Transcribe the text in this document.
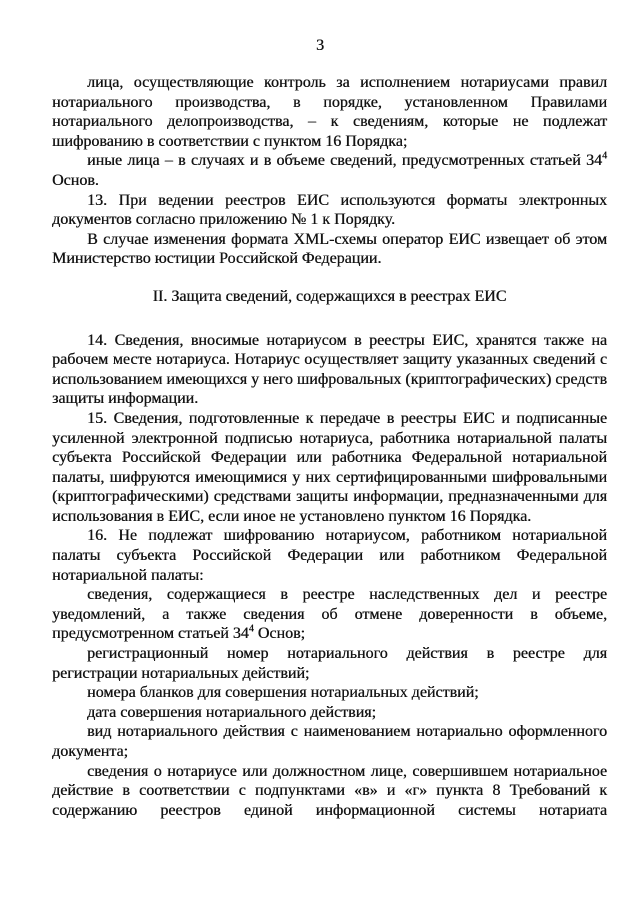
3

лица, осуществляющие контроль за исполнением нотариусами правил нотариального производства, в порядке, установленном Правилами нотариального делопроизводства, – к сведениям, которые не подлежат шифрованию в соответствии с пунктом 16 Порядка;

иные лица – в случаях и в объеме сведений, предусмотренных статьей $34^4$ Основ.

13. При ведении реестров ЕИС используются форматы электронных документов согласно приложению № 1 к Порядку.

В случае изменения формата XML-схемы оператор ЕИС извещает об этом Министерство юстиции Российской Федерации.

II. Защита сведений, содержащихся в реестрах ЕИС

14. Сведения, вносимые нотариусом в реестры ЕИС, хранятся также на рабочем месте нотариуса. Нотариус осуществляет защиту указанных сведений с использованием имеющихся у него шифровальных (криптографических) средств защиты информации.

15. Сведения, подготовленные к передаче в реестры ЕИС и подписанные усиленной электронной подписью нотариуса, работника нотариальной палаты субъекта Российской Федерации или работника Федеральной нотариальной палаты, шифруются имеющимися у них сертифицированными шифровальными (криптографическими) средствами защиты информации, предназначенными для использования в ЕИС, если иное не установлено пунктом 16 Порядка.

16. Не подлежат шифрованию нотариусом, работником нотариальной палаты субъекта Российской Федерации или работником Федеральной нотариальной палаты:

сведения, содержащиеся в реестре наследственных дел и реестре уведомлений, а также сведения об отмене доверенности в объеме, предусмотренном статьей $34^4$ Основ;

регистрационный номер нотариального действия в реестре для регистрации нотариальных действий;

номера бланков для совершения нотариальных действий;

дата совершения нотариального действия;

вид нотариального действия с наименованием нотариально оформленного документа;

сведения о нотариусе или должностном лице, совершившем нотариальное действие в соответствии с подпунктами «в» и «г» пункта 8 Требований к содержанию реестров единой информационной системы нотариата
